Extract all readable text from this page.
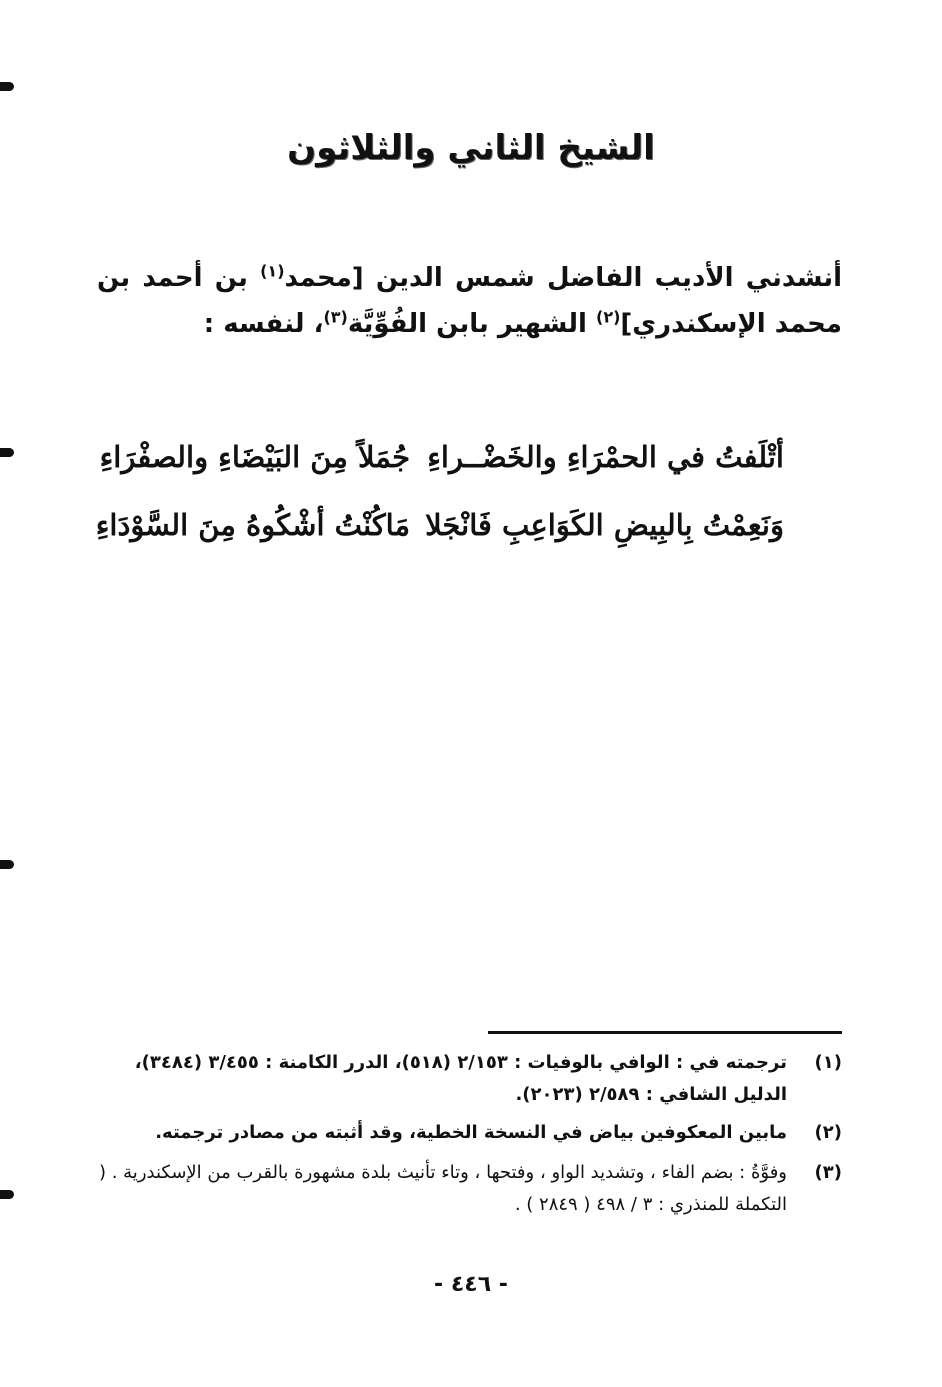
الشيخ الثاني والثلاثون
أنشدني الأديب الفاضل شمس الدين [محمد$^{(١)}$ بن أحمد بن محمد الإسكندري]$^{(٢)}$ الشهير بابن الفُوِّيَّة$^{(٣)}$، لنفسه :
أتْلَفتُ في الحمْرَاءِ والخَضْــراءِ
جُمَلاً مِنَ البَيْضَاءِ والصفْرَاءِ
وَنَعِمْتُ بِالبِيضِ الكَوَاعِبِ فَانْجَلا
مَاكُنْتُ أشْكُوهُ مِنَ السَّوْدَاءِ
(١)
ترجمته في : الوافي بالوفيات : ٢/١٥٣ (٥١٨)، الدرر الكامنة : ٣/٤٥٥ (٣٤٨٤)، الدليل الشافي : ٢/٥٨٩ (٢٠٢٣).
(٢)
مابين المعكوفين بياض في النسخة الخطية، وقد أثبته من مصادر ترجمته.
(٣)
وفوَّةُ : بضم الفاء ، وتشديد الواو ، وفتحها ، وتاء تأنيث بلدة مشهورة بالقرب من الإسكندرية . ( التكملة للمنذري : ٣ / ٤٩٨ ( ٢٨٤٩ ) .
- ٤٤٦ -
